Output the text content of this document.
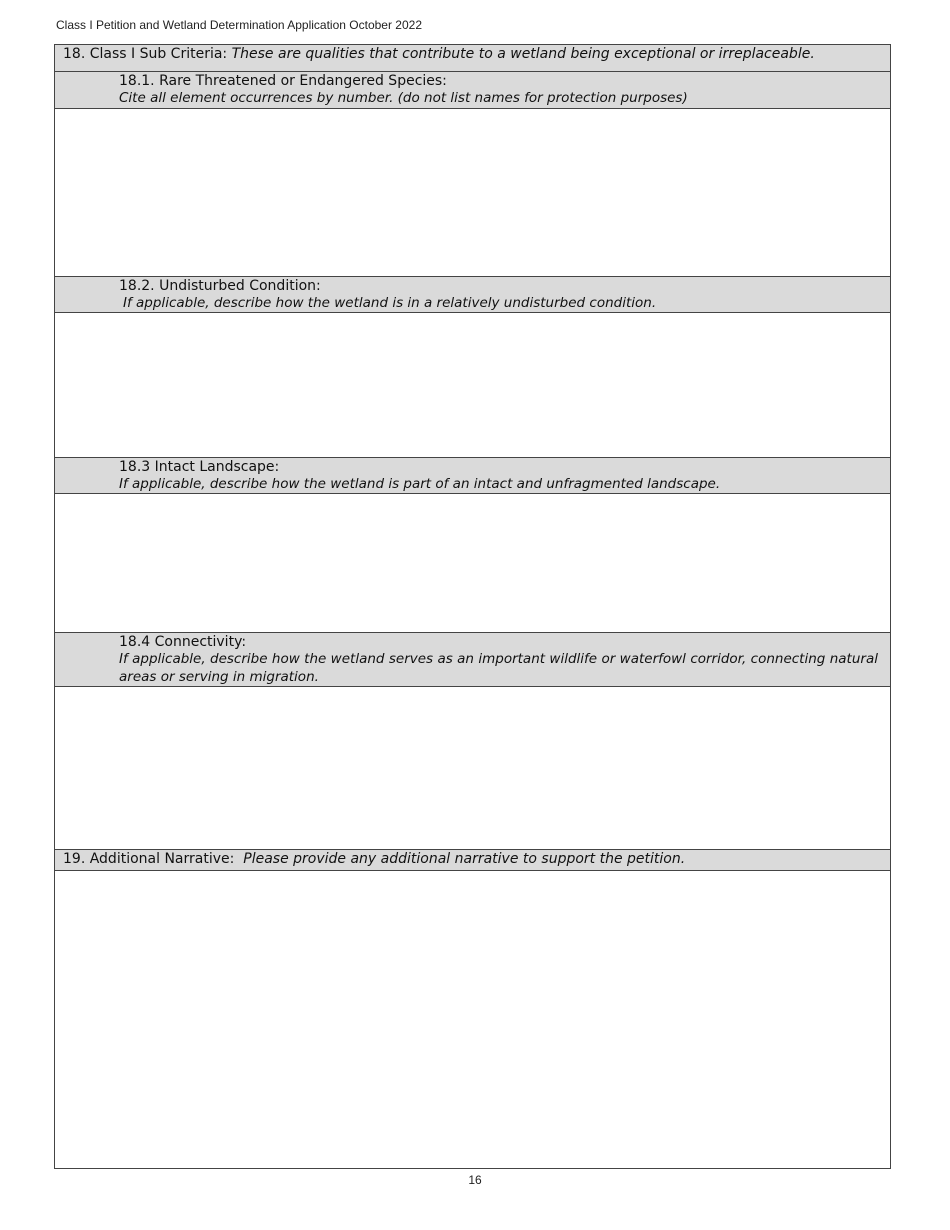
Class I Petition and Wetland Determination Application October 2022
18. Class I Sub Criteria: These are qualities that contribute to a wetland being exceptional or irreplaceable.
18.1. Rare Threatened or Endangered Species:
Cite all element occurrences by number. (do not list names for protection purposes)
18.2. Undisturbed Condition:
If applicable, describe how the wetland is in a relatively undisturbed condition.
18.3 Intact Landscape:
If applicable, describe how the wetland is part of an intact and unfragmented landscape.
18.4 Connectivity:
If applicable, describe how the wetland serves as an important wildlife or waterfowl corridor, connecting natural areas or serving in migration.
19. Additional Narrative: Please provide any additional narrative to support the petition.
16
